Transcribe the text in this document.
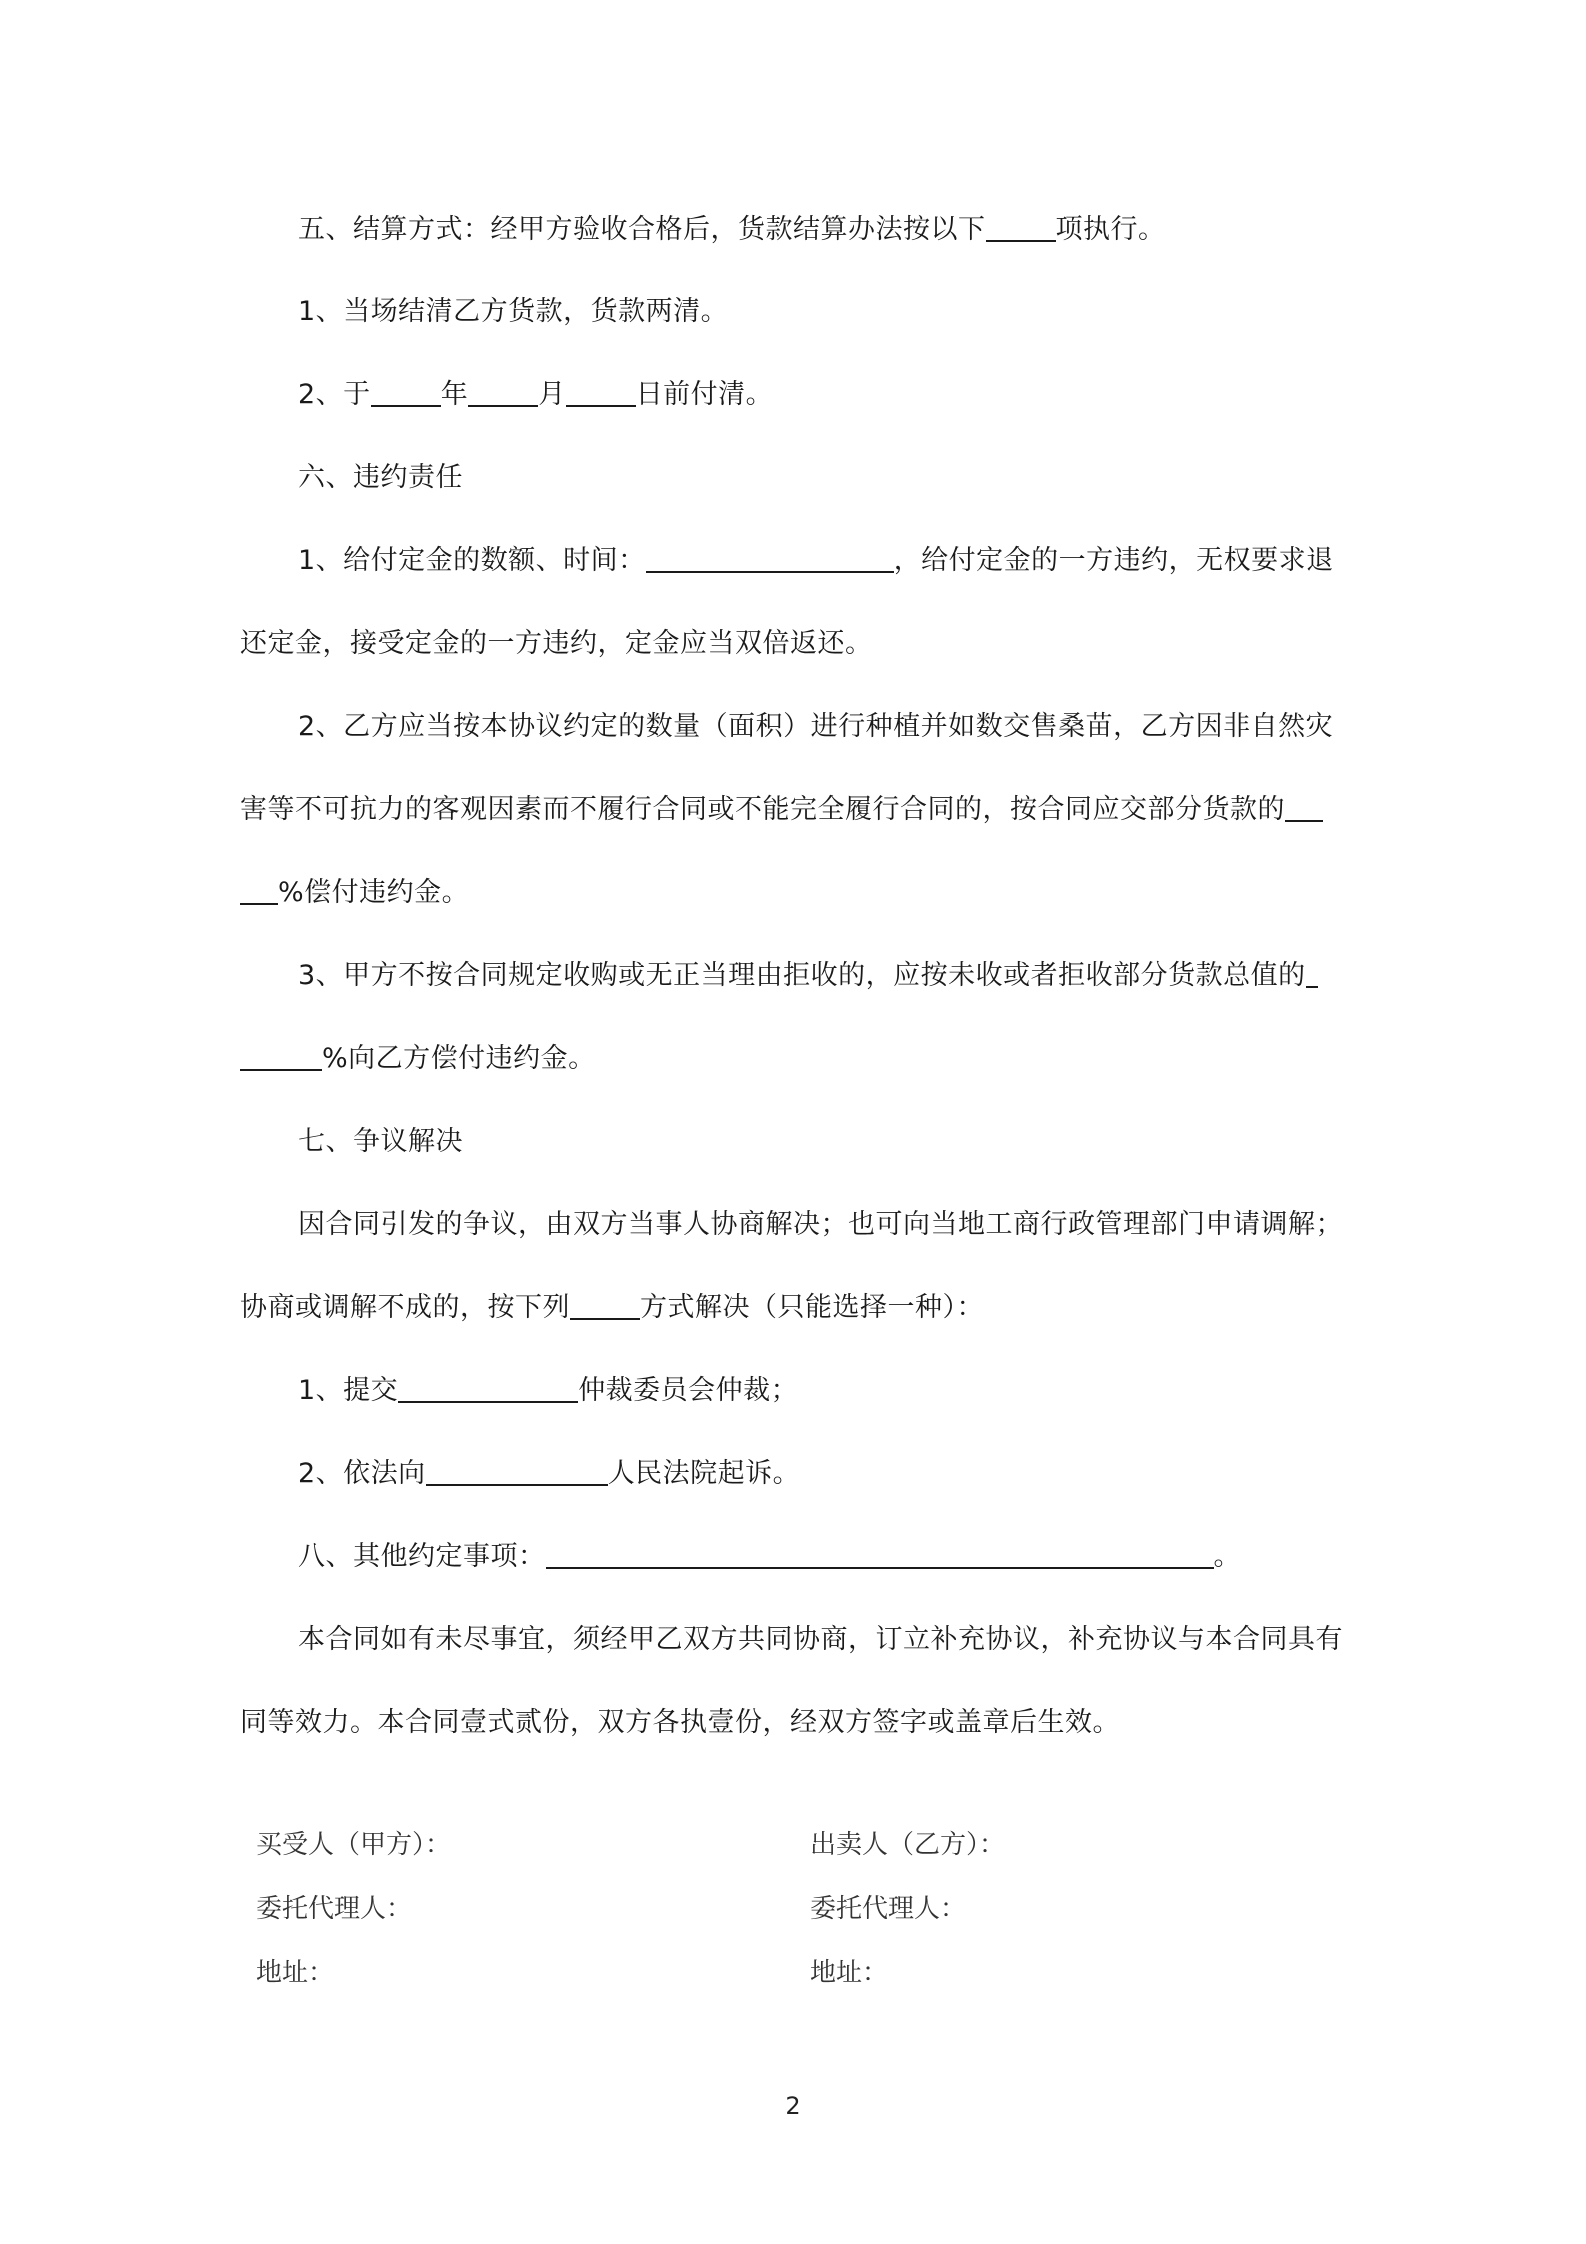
五、结算方式：经甲方验收合格后，货款结算办法按以下	项执行。
1、当场结清乙方货款，货款两清。
2、于	年	月	日前付清。
六、违约责任
1、给付定金的数额、时间：	，给付定金的一方违约，无权要求退
还定金，接受定金的一方违约，定金应当双倍返还。
2、乙方应当按本协议约定的数量（面积）进行种植并如数交售桑苗，乙方因非自然灾
害等不可抗力的客观因素而不履行合同或不能完全履行合同的，按合同应交部分货款的
%偿付违约金。
3、甲方不按合同规定收购或无正当理由拒收的，应按未收或者拒收部分货款总值的
%向乙方偿付违约金。
七、争议解决
因合同引发的争议，由双方当事人协商解决；也可向当地工商行政管理部门申请调解；
协商或调解不成的，按下列	方式解决（只能选择一种）：
1、提交	仲裁委员会仲裁；
2、依法向	人民法院起诉。
八、其他约定事项：	。
本合同如有未尽事宜，须经甲乙双方共同协商，订立补充协议，补充协议与本合同具有
同等效力。本合同壹式贰份，双方各执壹份，经双方签字或盖章后生效。
买受人（甲方）：	出卖人（乙方）：
委托代理人：	委托代理人：
地址：	地址：
2
